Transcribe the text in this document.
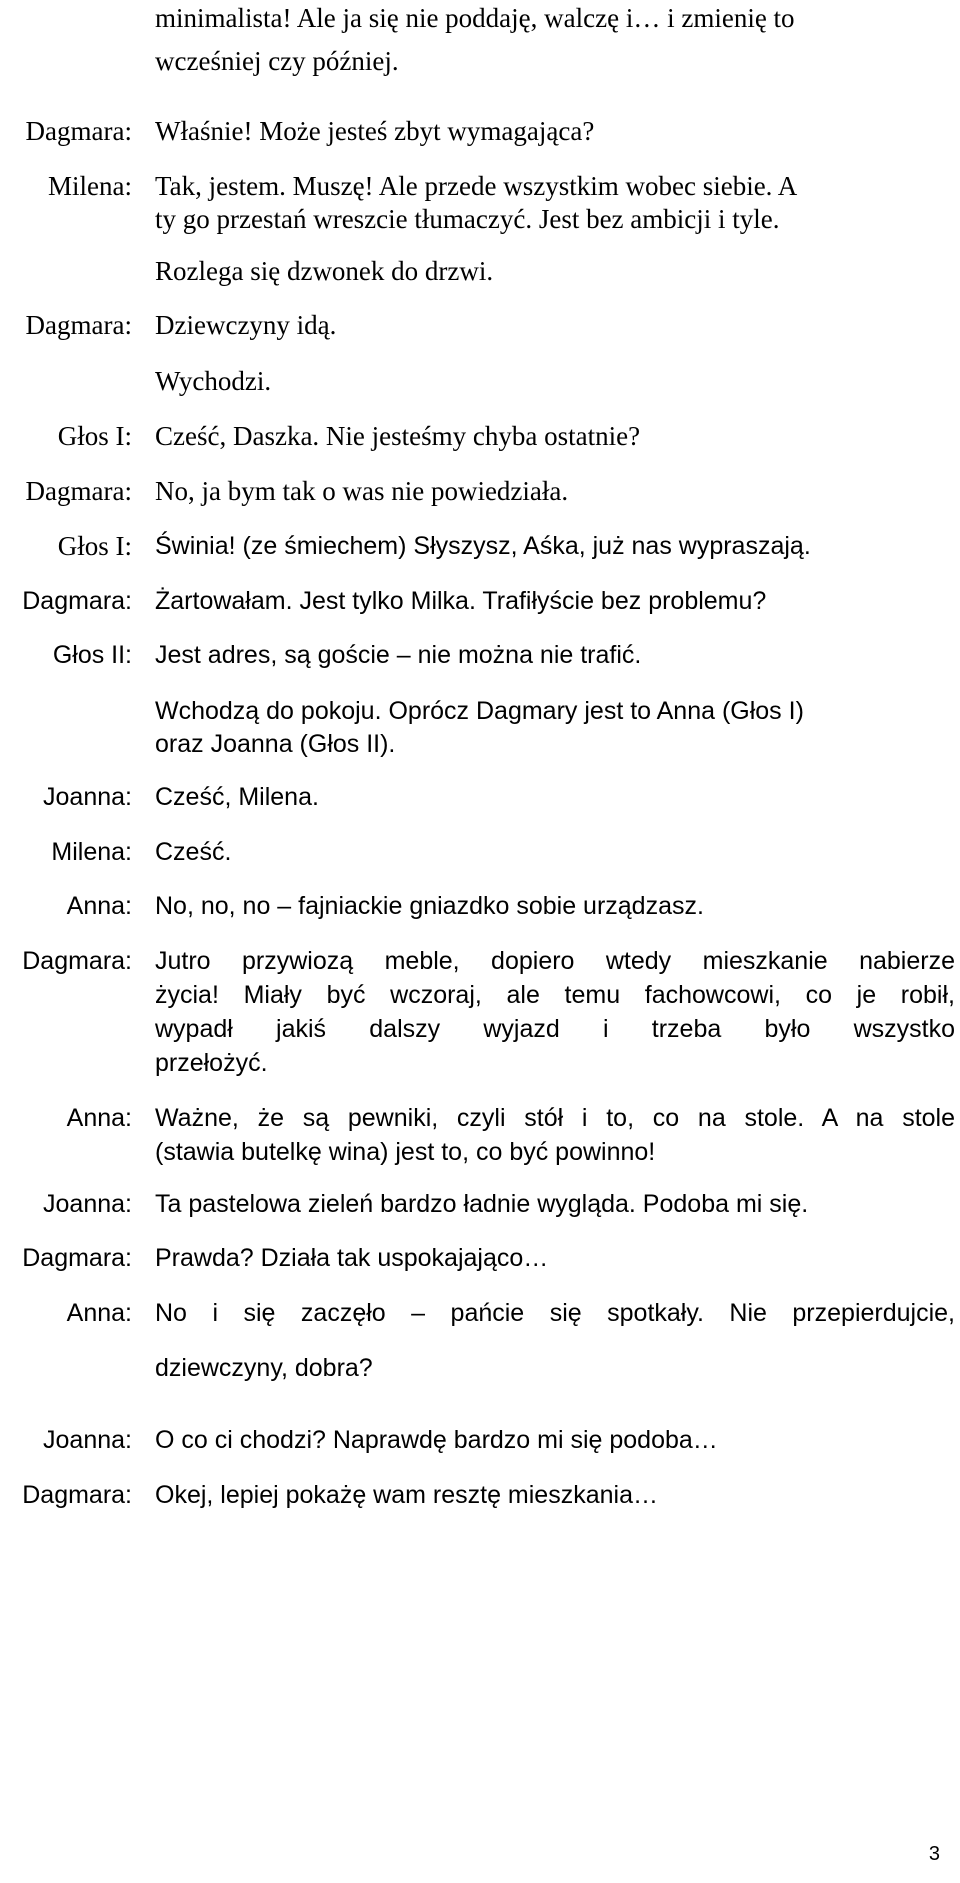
minimalista! Ale ja się nie poddaję, walczę i… i zmienię to
wcześniej czy później.
Dagmara: Właśnie! Może jesteś zbyt wymagająca?
Milena: Tak, jestem. Muszę! Ale przede wszystkim wobec siebie. A
ty go przestań wreszcie tłumaczyć. Jest bez ambicji i tyle.
Rozlega się dzwonek do drzwi.
Dagmara: Dziewczyny idą.
Wychodzi.
Głos I: Cześć, Daszka. Nie jesteśmy chyba ostatnie?
Dagmara: No, ja bym tak o was nie powiedziała.
Głos I: Świnia! (ze śmiechem) Słyszysz, Aśka, już nas wypraszają.
Dagmara: Żartowałam. Jest tylko Milka. Trafiłyście bez problemu?
Głos II: Jest adres, są goście – nie można nie trafić.
Wchodzą do pokoju. Oprócz Dagmary jest to Anna (Głos I)
oraz Joanna (Głos II).
Joanna: Cześć, Milena.
Milena: Cześć.
Anna: No, no, no – fajniackie gniazdko sobie urządzasz.
Dagmara: Jutro przywiozą meble, dopiero wtedy mieszkanie nabierze
życia! Miały być wczoraj, ale temu fachowcowi, co je robił,
wypadł jakiś dalszy wyjazd i trzeba było wszystko
przełożyć.
Anna: Ważne, że są pewniki, czyli stół i to, co na stole. A na stole
(stawia butelkę wina) jest to, co być powinno!
Joanna: Ta pastelowa zieleń bardzo ładnie wygląda. Podoba mi się.
Dagmara: Prawda? Działa tak uspokajająco…
Anna: No i się zaczęło – pańcie się spotkały. Nie przepierdujcie,
dziewczyny, dobra?
Joanna: O co ci chodzi? Naprawdę bardzo mi się podoba…
Dagmara: Okej, lepiej pokażę wam resztę mieszkania…
3
